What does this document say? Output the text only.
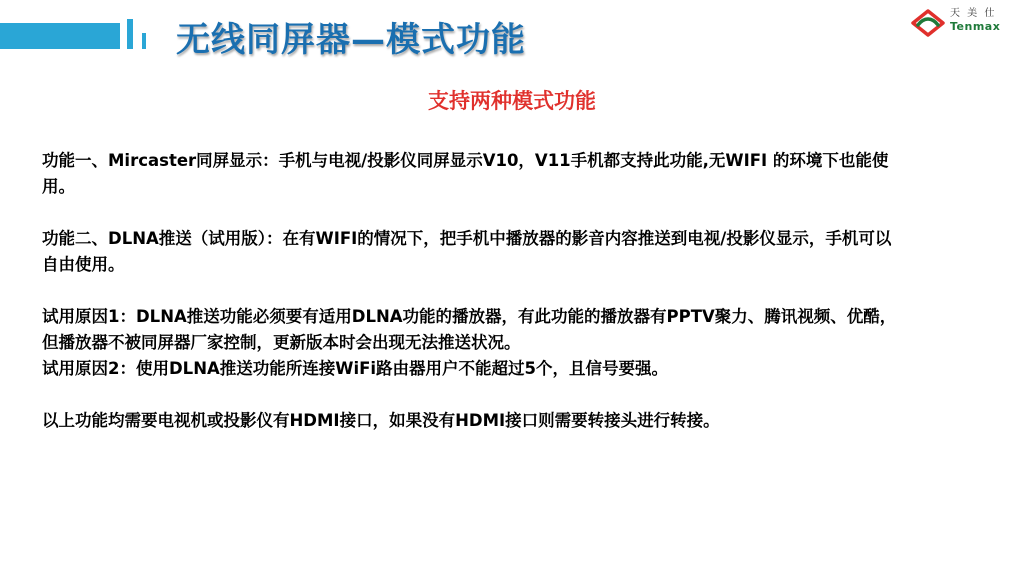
无线同屏器—模式功能
天 美 仕
Tenmax
支持两种模式功能

功能一、Mircaster同屏显示：手机与电视/投影仪同屏显示V10，V11手机都支持此功能,无WIFI 的环境下也能使用。

功能二、DLNA推送（试用版）：在有WIFI的情况下，把手机中播放器的影音内容推送到电视/投影仪显示，手机可以自由使用。

试用原因1：DLNA推送功能必须要有适用DLNA功能的播放器，有此功能的播放器有PPTV聚力、腾讯视频、优酷，但播放器不被同屏器厂家控制，更新版本时会出现无法推送状况。

试用原因2：使用DLNA推送功能所连接WiFi路由器用户不能超过5个，且信号要强。

以上功能均需要电视机或投影仪有HDMI接口，如果没有HDMI接口则需要转接头进行转接。
